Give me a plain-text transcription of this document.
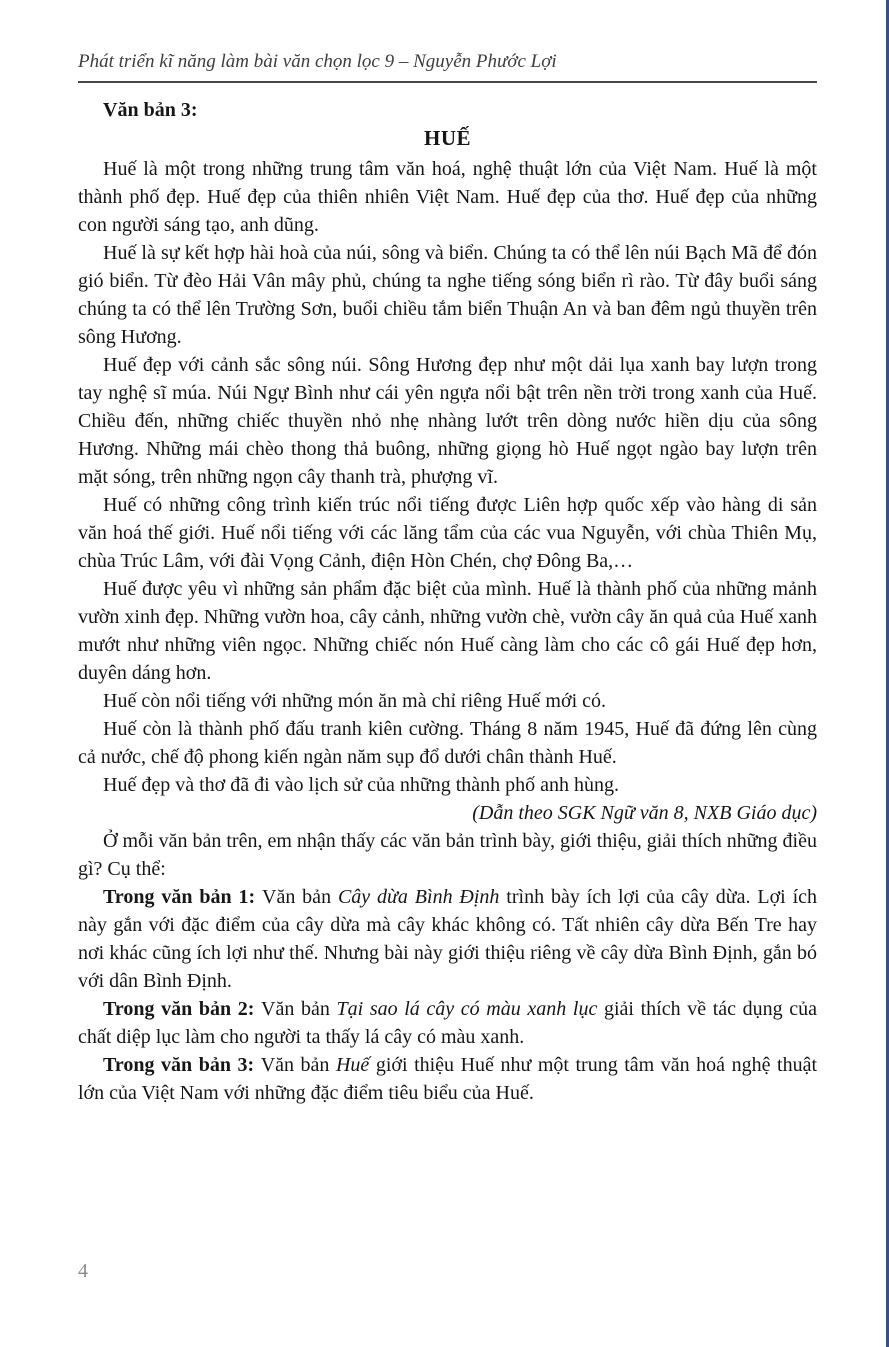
Phát triển kĩ năng làm bài văn chọn lọc 9 – Nguyễn Phước Lợi
Văn bản 3:
HUẾ

Huế là một trong những trung tâm văn hoá, nghệ thuật lớn của Việt Nam. Huế là một thành phố đẹp. Huế đẹp của thiên nhiên Việt Nam. Huế đẹp của thơ. Huế đẹp của những con người sáng tạo, anh dũng.

Huế là sự kết hợp hài hoà của núi, sông và biển. Chúng ta có thể lên núi Bạch Mã để đón gió biển. Từ đèo Hải Vân mây phủ, chúng ta nghe tiếng sóng biển rì rào. Từ đây buổi sáng chúng ta có thể lên Trường Sơn, buổi chiều tắm biển Thuận An và ban đêm ngủ thuyền trên sông Hương.

Huế đẹp với cảnh sắc sông núi. Sông Hương đẹp như một dải lụa xanh bay lượn trong tay nghệ sĩ múa. Núi Ngự Bình như cái yên ngựa nổi bật trên nền trời trong xanh của Huế. Chiều đến, những chiếc thuyền nhỏ nhẹ nhàng lướt trên dòng nước hiền dịu của sông Hương. Những mái chèo thong thả buông, những giọng hò Huế ngọt ngào bay lượn trên mặt sóng, trên những ngọn cây thanh trà, phượng vĩ.

Huế có những công trình kiến trúc nổi tiếng được Liên hợp quốc xếp vào hàng di sản văn hoá thế giới. Huế nổi tiếng với các lăng tẩm của các vua Nguyễn, với chùa Thiên Mụ, chùa Trúc Lâm, với đài Vọng Cảnh, điện Hòn Chén, chợ Đông Ba,…

Huế được yêu vì những sản phẩm đặc biệt của mình. Huế là thành phố của những mảnh vườn xinh đẹp. Những vườn hoa, cây cảnh, những vườn chè, vườn cây ăn quả của Huế xanh mướt như những viên ngọc. Những chiếc nón Huế càng làm cho các cô gái Huế đẹp hơn, duyên dáng hơn.

Huế còn nổi tiếng với những món ăn mà chỉ riêng Huế mới có.

Huế còn là thành phố đấu tranh kiên cường. Tháng 8 năm 1945, Huế đã đứng lên cùng cả nước, chế độ phong kiến ngàn năm sụp đổ dưới chân thành Huế.

Huế đẹp và thơ đã đi vào lịch sử của những thành phố anh hùng.

(Dẫn theo SGK Ngữ văn 8, NXB Giáo dục)

Ở mỗi văn bản trên, em nhận thấy các văn bản trình bày, giới thiệu, giải thích những điều gì? Cụ thể:

Trong văn bản 1: Văn bản Cây dừa Bình Định trình bày ích lợi của cây dừa. Lợi ích này gắn với đặc điểm của cây dừa mà cây khác không có. Tất nhiên cây dừa Bến Tre hay nơi khác cũng ích lợi như thế. Nhưng bài này giới thiệu riêng về cây dừa Bình Định, gắn bó với dân Bình Định.

Trong văn bản 2: Văn bản Tại sao lá cây có màu xanh lục giải thích về tác dụng của chất diệp lục làm cho người ta thấy lá cây có màu xanh.

Trong văn bản 3: Văn bản Huế giới thiệu Huế như một trung tâm văn hoá nghệ thuật lớn của Việt Nam với những đặc điểm tiêu biểu của Huế.

4
